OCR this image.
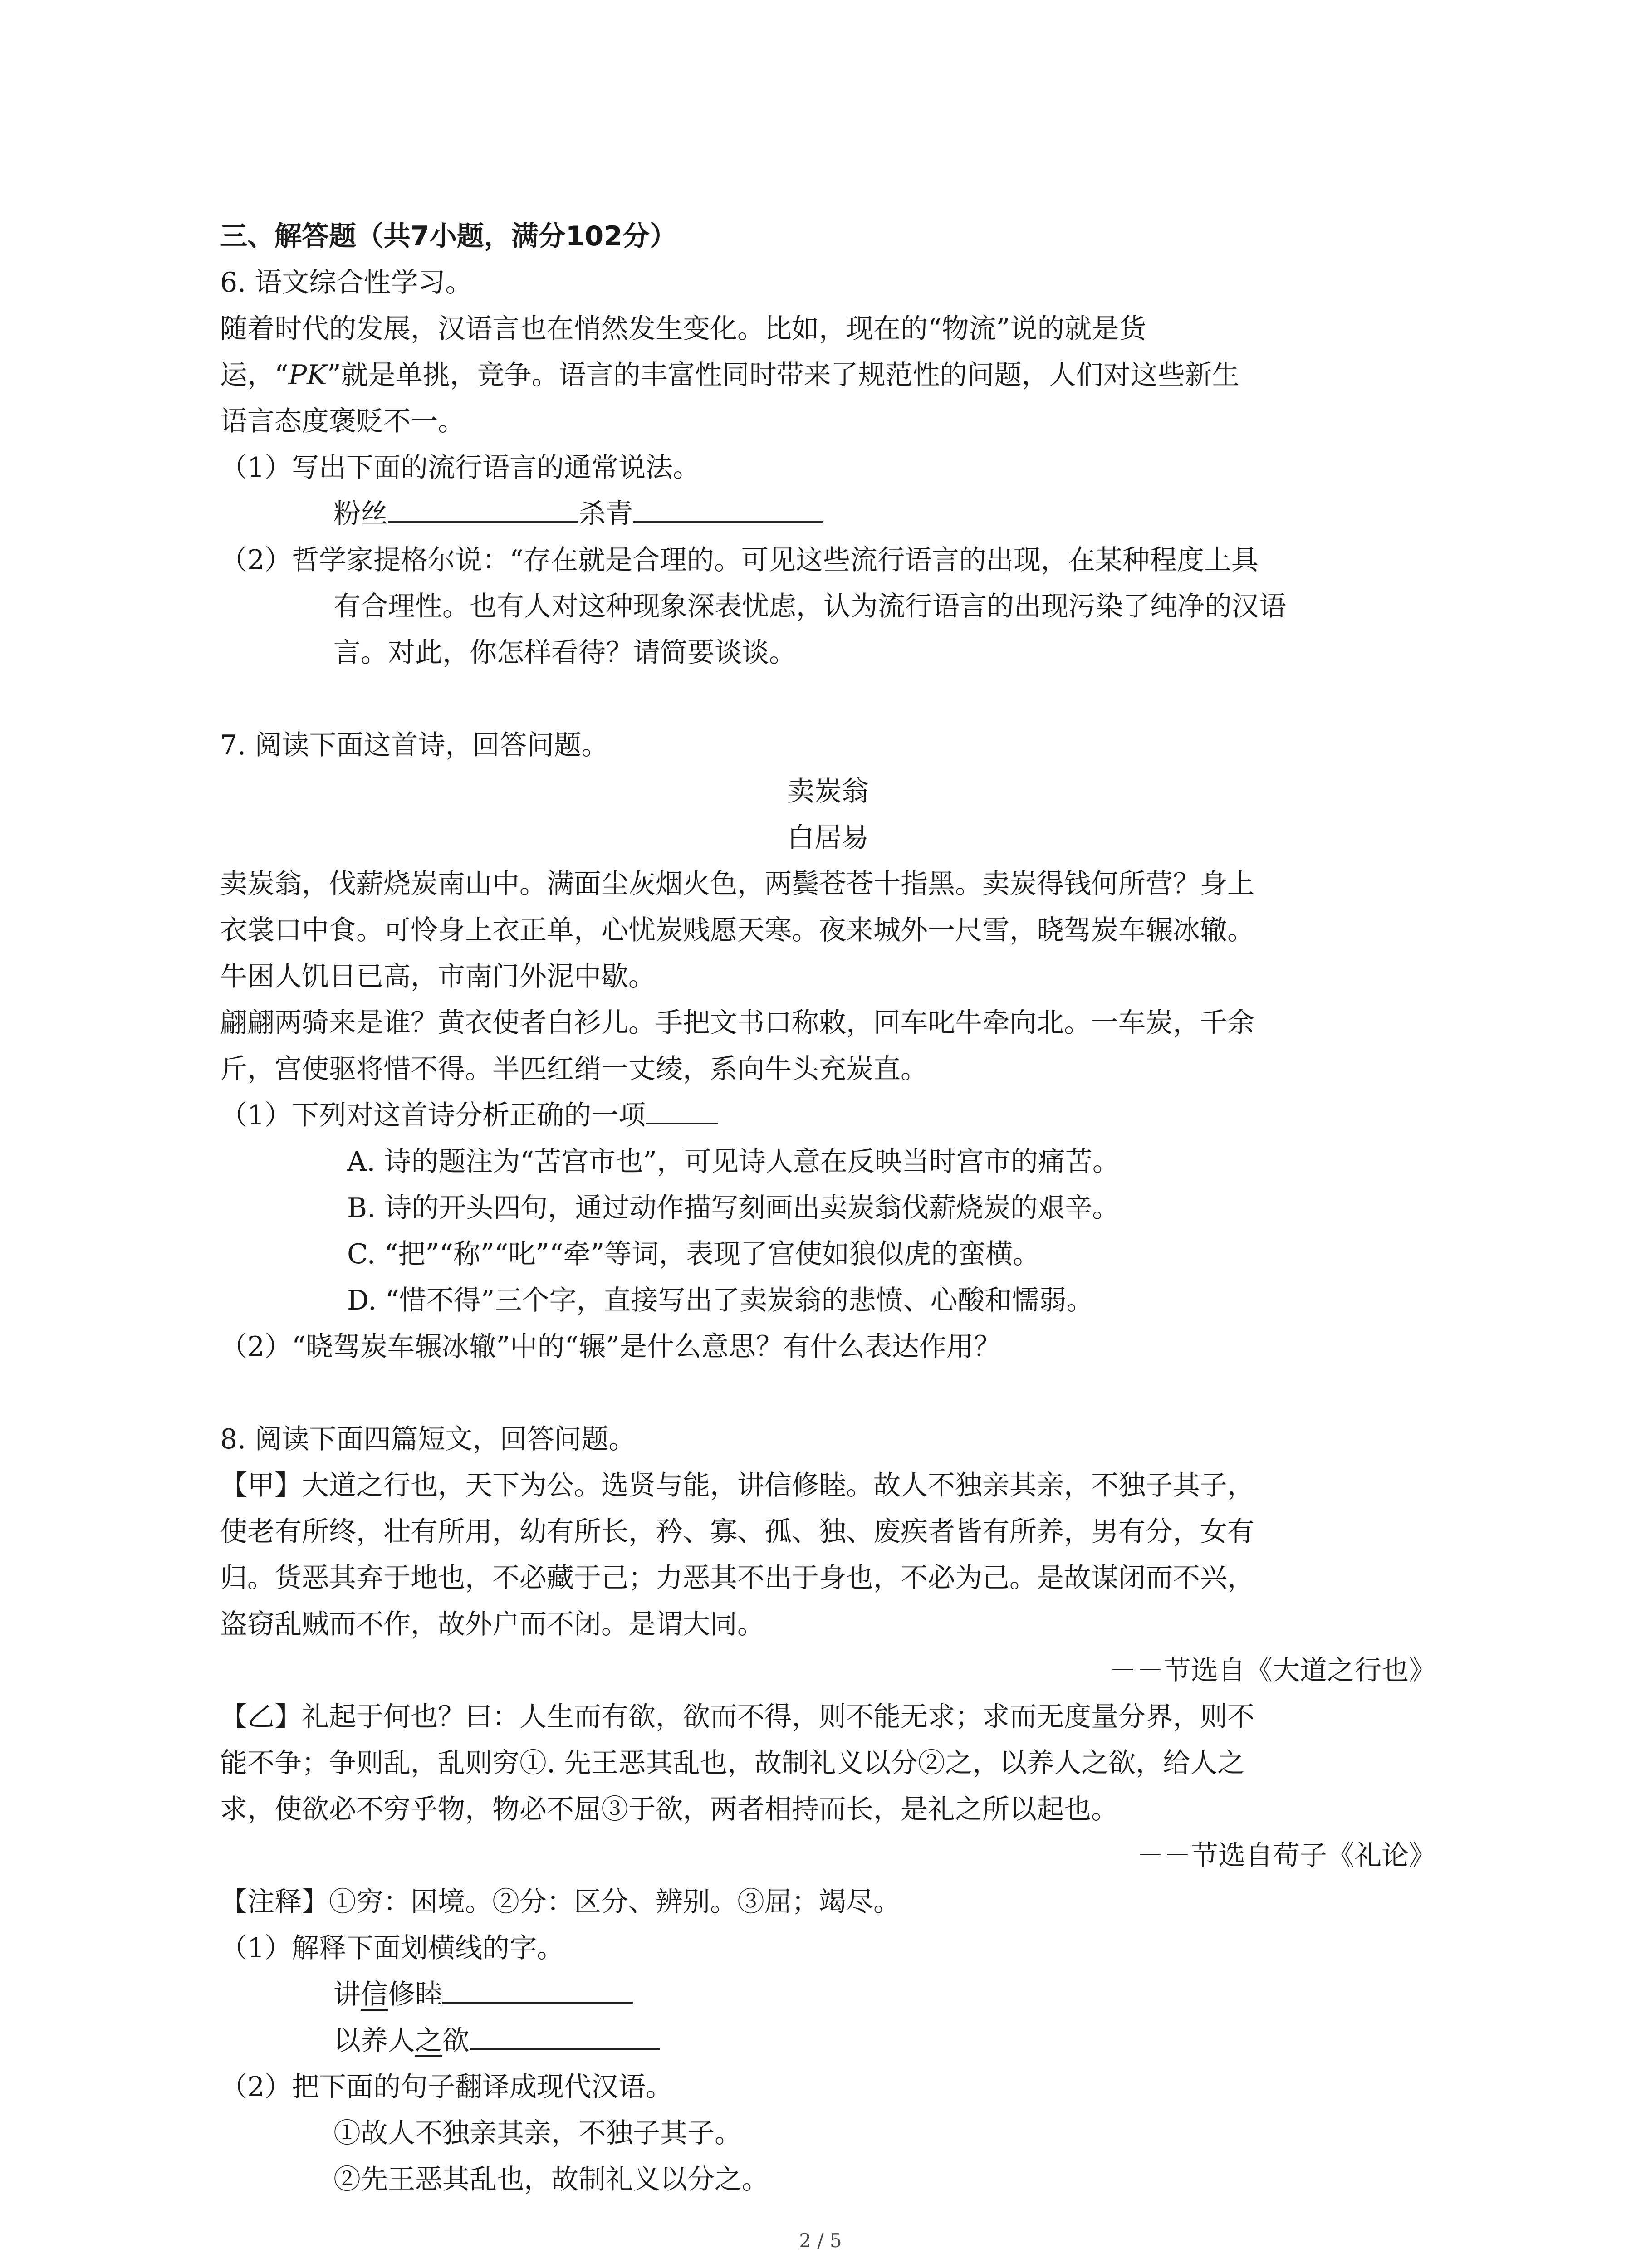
三、解答题（共7小题，满分102分）
6. 语文综合性学习。
随着时代的发展，汉语言也在悄然发生变化。比如，现在的“物流”说的就是货
运，“PK”就是单挑，竞争。语言的丰富性同时带来了规范性的问题，人们对这些新生
语言态度褒贬不一。
（1）写出下面的流行语言的通常说法。
粉丝	杀青
（2）哲学家提格尔说：“存在就是合理的。可见这些流行语言的出现，在某种程度上具
有合理性。也有人对这种现象深表忧虑，认为流行语言的出现污染了纯净的汉语
言。对此，你怎样看待？请简要谈谈。
7. 阅读下面这首诗，回答问题。
卖炭翁
白居易
卖炭翁，伐薪烧炭南山中。满面尘灰烟火色，两鬓苍苍十指黑。卖炭得钱何所营？身上
衣裳口中食。可怜身上衣正单，心忧炭贱愿天寒。夜来城外一尺雪，晓驾炭车辗冰辙。
牛困人饥日已高，市南门外泥中歇。
翩翩两骑来是谁？黄衣使者白衫儿。手把文书口称敕，回车叱牛牵向北。一车炭，千余
斤，宫使驱将惜不得。半匹红绡一丈绫，系向牛头充炭直。
（1）下列对这首诗分析正确的一项
A. 诗的题注为“苦宫市也”，可见诗人意在反映当时宫市的痛苦。
B. 诗的开头四句，通过动作描写刻画出卖炭翁伐薪烧炭的艰辛。
C. “把”“称”“叱”“牵”等词，表现了宫使如狼似虎的蛮横。
D. “惜不得”三个字，直接写出了卖炭翁的悲愤、心酸和懦弱。
（2）“晓驾炭车辗冰辙”中的“辗”是什么意思？有什么表达作用？
8. 阅读下面四篇短文，回答问题。
【甲】大道之行也，天下为公。选贤与能，讲信修睦。故人不独亲其亲，不独子其子，
使老有所终，壮有所用，幼有所长，矜、寡、孤、独、废疾者皆有所养，男有分，女有
归。货恶其弃于地也，不必藏于己；力恶其不出于身也，不必为己。是故谋闭而不兴，
盗窃乱贼而不作，故外户而不闭。是谓大同。
－－节选自《大道之行也》
【乙】礼起于何也？曰：人生而有欲，欲而不得，则不能无求；求而无度量分界，则不
能不争；争则乱，乱则穷①. 先王恶其乱也，故制礼义以分②之，以养人之欲，给人之
求，使欲必不穷乎物，物必不屈③于欲，两者相持而长，是礼之所以起也。
－－节选自荀子《礼论》
【注释】①穷：困境。②分：区分、辨别。③屈；竭尽。
（1）解释下面划横线的字。
讲信修睦
以养人之欲
（2）把下面的句子翻译成现代汉语。
①故人不独亲其亲，不独子其子。
②先王恶其乱也，故制礼义以分之。
2 / 5
